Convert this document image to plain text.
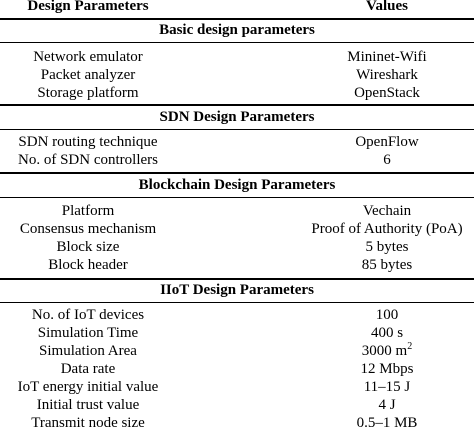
Design Parameters	Values
Basic design parameters
Network emulator	Mininet-Wifi
Packet analyzer	Wireshark
Storage platform	OpenStack
SDN Design Parameters
SDN routing technique	OpenFlow
No. of SDN controllers	6
Blockchain Design Parameters
Platform	Vechain
Consensus mechanism	Proof of Authority (PoA)
Block size	5 bytes
Block header	85 bytes
IIoT Design Parameters
No. of IoT devices	100
Simulation Time	400 s
Simulation Area	3000 $m^2$
Data rate	12 Mbps
IoT energy initial value	11–15 J
Initial trust value	4 J
Transmit node size	0.5–1 MB
